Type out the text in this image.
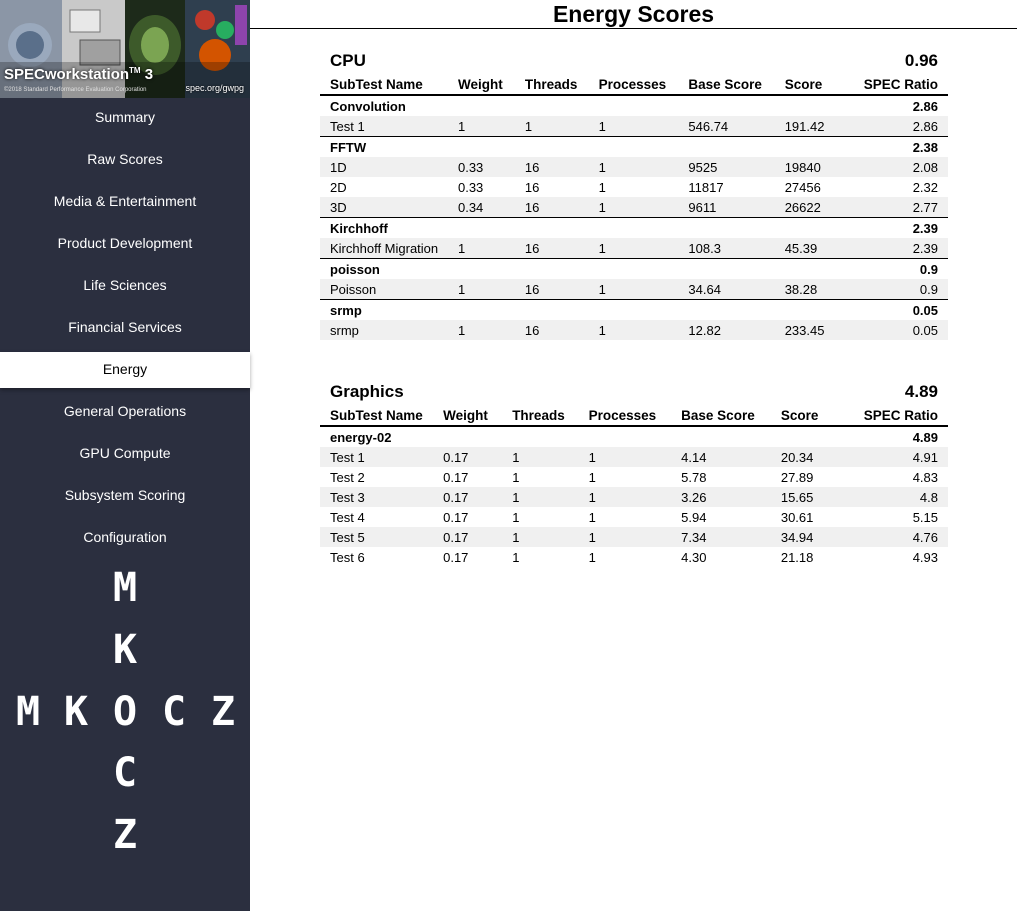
SPECworkstation™ 3
©2018 Standard Performance Evaluation Corporation	spec.org/gwpg
Summary
Raw Scores
Media & Entertainment
Product Development
Life Sciences
Financial Services
Energy
General Operations
GPU Compute
Subsystem Scoring
Configuration
M
K
M K O C Z
C
Z
Energy Scores
CPU	0.96
SubTest Name	Weight	Threads	Processes	Base Score	Score	SPEC Ratio
Convolution						2.86
Test 1	1	1	1	546.74	191.42	2.86
FFTW						2.38
1D	0.33	16	1	9525	19840	2.08
2D	0.33	16	1	11817	27456	2.32
3D	0.34	16	1	9611	26622	2.77
Kirchhoff						2.39
Kirchhoff Migration	1	16	1	108.3	45.39	2.39
poisson						0.9
Poisson	1	16	1	34.64	38.28	0.9
srmp						0.05
srmp	1	16	1	12.82	233.45	0.05
Graphics	4.89
SubTest Name	Weight	Threads	Processes	Base Score	Score	SPEC Ratio
energy-02						4.89
Test 1	0.17	1	1	4.14	20.34	4.91
Test 2	0.17	1	1	5.78	27.89	4.83
Test 3	0.17	1	1	3.26	15.65	4.8
Test 4	0.17	1	1	5.94	30.61	5.15
Test 5	0.17	1	1	7.34	34.94	4.76
Test 6	0.17	1	1	4.30	21.18	4.93
